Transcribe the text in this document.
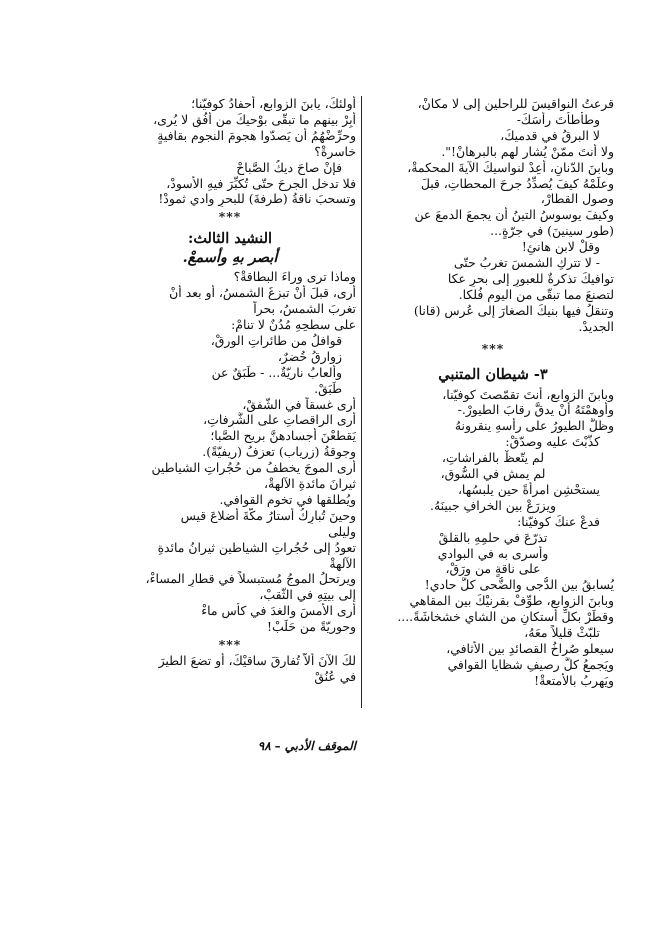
قرعتُ النواقيسَ للراحلين إلى لا مكانْ،
وطأطأتَ رأسَكَ-
لا البرقُ في قدميكَ،
ولا أنتَ ممّنْ يُشار لهم بالبرهانْ!".
وبابنَ الدّنانِ، أعِدْ لنواسيكَ الآيةَ المحكمةْ،
وعلِّمْهُ كيفَ يُصدِّدُ جرحَ المحطاتِ، قبلَ
وصول القطارْ،
وكيفَ يوسوسُ التينُ أن يجمعَ الدمعَ عن
(طور سينينَ) في جرّةٍ...
وقلْ لابنِ هانئٍ!
- لا تتركِ الشمسَ تغربُ حتّى
توافيكَ تذكرةٌ للعبورِ إلى بحرِ عكا
لتصنعَ مما تبقّى من اليومِ فُلكا.
وتنقلُ فيها بنيكَ الصغارَ إلى عُرسِ (قانا)
الجديدْ.
***
٣- شيطان المتنبي
وبابنَ الزوابعِ، أنتَ تقمّصتَ كوفيّنا،
وأوهمْتَهُ أنْ يدقَّ رقابَ الطيورْ.-
وظلَّ الطيورُ على رأسهِ ينقرونهُ
كذّبْتَ عليه وصدّقْ:
لم يتّعظْ بالفراشاتِ،
لم يمشِ في السُّوقِ،
يستحْشِنِ امرأةً حين يلبسُها،
ويزرَعْ بين الخرافِ جبينَهُ.
فدعْ عنكَ كوفيّنا:
تذرّعَ في حلمِهِ بالقلقْ
وأسرى به في البوادي
على ناقةٍ من ورَقْ،
يُسابقُ بين الدُّجى والضُّحى كلَّ حادي!
وبابنَ الزوابعِ، طوِّفْ بقرنيْكَ بين المقاهي
وقطِّرْ بكلِّ أستكانٍ من الشايِ خشخاشَةً....
تلبّثْ قليلاً معَهُ،
سيعلو صُراخُ القصائدِ بين الأثافي،
ويَجمعُ كلَّ رصيفِ شظايا القوافي
ويَهربُ بالأمتعةْ!
أولئكَ، يابنَ الزوابعِ، أحفادُ كوفيّنا؛
أَبِرْ بينهم ما تبقّى بوْحيكَ من أُفُقٍ لا يُرى،
وحرِّضْهُمُ أن يَصدّوا هجومَ النجومِ بقافيةٍ
خاسرةْ؟
فإنْ صاحَ ديكُ الصَّباحْ
فلا تدخلِ الجرحَ حتّى تُكبِّرَ فيهِ الأسودْ،
وتسحبَ ناقةُ (طرفةَ) للبحرِ وادي ثمودْ!
***
النشيد الثالث:
أبصر بهِ وأسمعْ.
وماذا ترى وراءَ البطاقةْ؟
أرى، قبلَ أنْ تبزغَ الشمسُ، أو بعد أنْ
تغربَ الشمسُ، بحراً
على سطحِهِ مُدُنٌ لا تنامْ:
قوافلُ من طائراتِ الورقْ،
زوارقُ خُضرٌ،
وألعابُ ناريّةٌ... - طَبَقٌ عن
طَبَقْ.
أرى غسقاً في الشّفقْ،
أرى الراقصاتِ على الشُّرفاتِ،
يَقطعْنَ أجسادهنَّ بريحِ الصَّبا؛
وجوقةُ (زرياب) تعزفُ (ريفيّةً).
أرى الموجَ يخطفُ من حُجُراتِ الشياطينِ
ثيرانَ مائدةِ الآلهةْ،
ويُطلقها في تخومِ القوافي.
وحينَ تُبارِكُ أستارُ مكّةَ أضلاعَ قيسٍ
وليلى
تعودُ إلى حُجُراتِ الشياطينِ ثيرانُ مائدةِ
الآلهةْ
ويرتحلُ الموجُ مُستبسلاً في قطارِ المساءْ،
إلى بيتِهِ في الثّقبْ،
أرى الأمسَ والغدَ في كأسِ ماءْ
وحوريّةً من حَلَبْ!
***
لكَ الآنَ ألاّ تُفارقَ ساقيْكَ، أو تضعَ الطيرَ
في عُنُقْ
الموقف الأدبي–٩٨
